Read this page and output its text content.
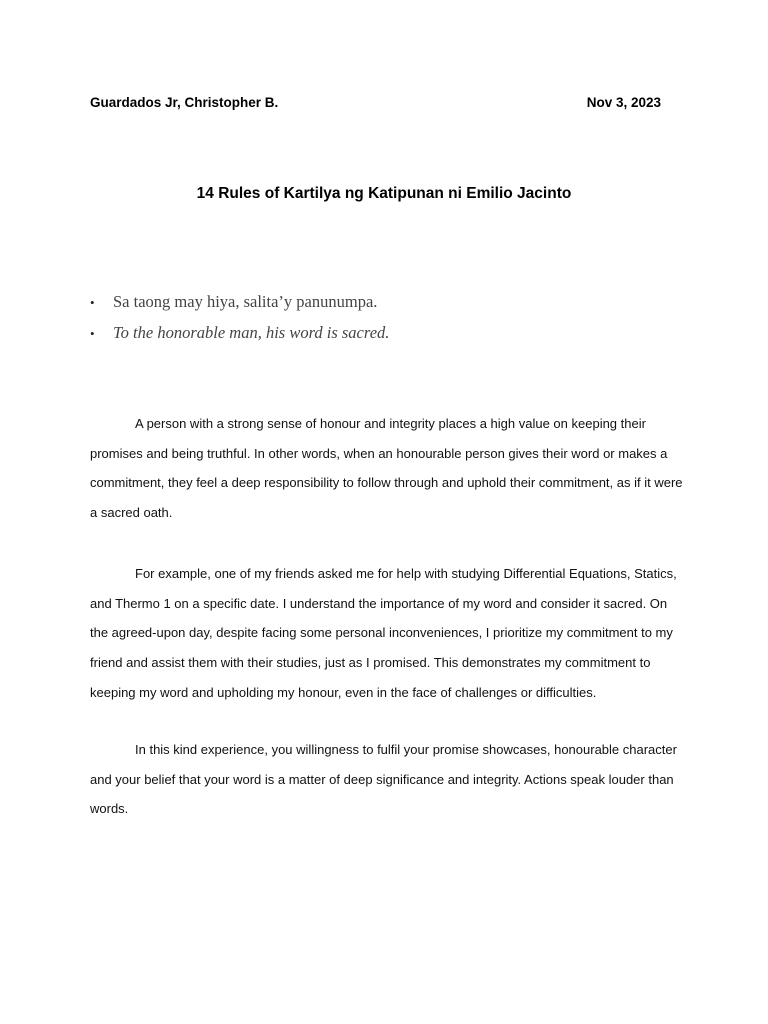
Guardados Jr, Christopher B.	Nov 3, 2023
14 Rules of Kartilya ng Katipunan ni Emilio Jacinto
•	Sa taong may hiya, salita’y panunumpa.
•	To the honorable man, his word is sacred.

A person with a strong sense of honour and integrity places a high value on keeping their promises and being truthful. In other words, when an honourable person gives their word or makes a commitment, they feel a deep responsibility to follow through and uphold their commitment, as if it were a sacred oath.

For example, one of my friends asked me for help with studying Differential Equations, Statics, and Thermo 1 on a specific date. I understand the importance of my word and consider it sacred. On the agreed-upon day, despite facing some personal inconveniences, I prioritize my commitment to my friend and assist them with their studies, just as I promised. This demonstrates my commitment to keeping my word and upholding my honour, even in the face of challenges or difficulties.

In this kind experience, you willingness to fulfil your promise showcases, honourable character and your belief that your word is a matter of deep significance and integrity. Actions speak louder than words.
